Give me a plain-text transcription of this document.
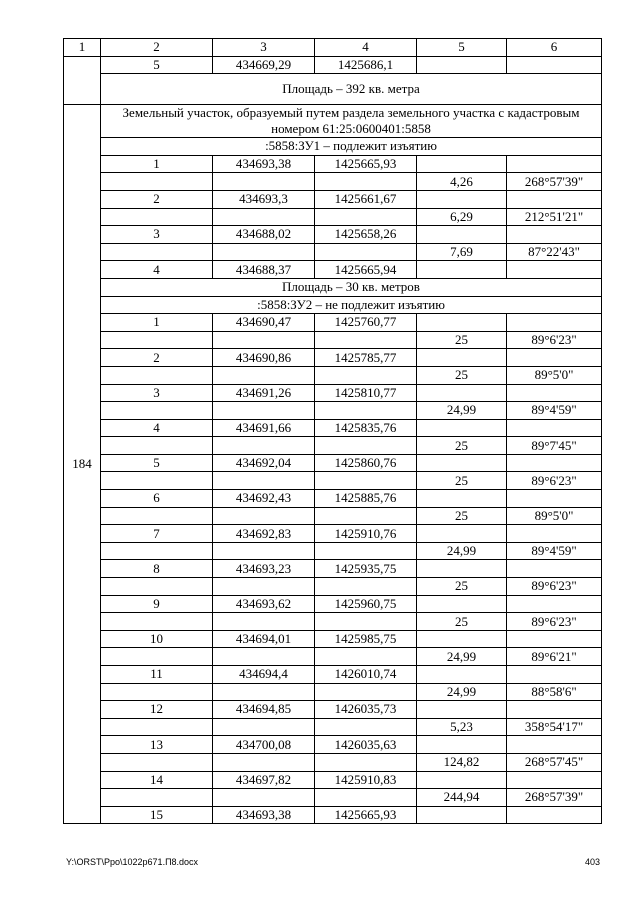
1	2	3	4	5	6
	5	434669,29	1425686,1		
	Площадь – 392 кв. метра				
184	Земельный участок, образуемый путем раздела земельного участка с кадастровым номером 61:25:0600401:5858				
	:5858:ЗУ1 – подлежит изъятию				
	1	434693,38	1425665,93		
				4,26	268°57'39"
	2	434693,3	1425661,67		
				6,29	212°51'21"
	3	434688,02	1425658,26		
				7,69	87°22'43"
	4	434688,37	1425665,94		
	Площадь – 30 кв. метров				
	:5858:ЗУ2 – не подлежит изъятию				
	1	434690,47	1425760,77		
				25	89°6'23"
	2	434690,86	1425785,77		
				25	89°5'0"
	3	434691,26	1425810,77		
				24,99	89°4'59"
	4	434691,66	1425835,76		
				25	89°7'45"
	5	434692,04	1425860,76		
				25	89°6'23"
	6	434692,43	1425885,76		
				25	89°5'0"
	7	434692,83	1425910,76		
				24,99	89°4'59"
	8	434693,23	1425935,75		
				25	89°6'23"
	9	434693,62	1425960,75		
				25	89°6'23"
	10	434694,01	1425985,75		
				24,99	89°6'21"
	11	434694,4	1426010,74		
				24,99	88°58'6"
	12	434694,85	1426035,73		
				5,23	358°54'17"
	13	434700,08	1426035,63		
				124,82	268°57'45"
	14	434697,82	1425910,83		
				244,94	268°57'39"
	15	434693,38	1425665,93		
Y:\ORST\Ppo\1022p671.П8.docx	403
